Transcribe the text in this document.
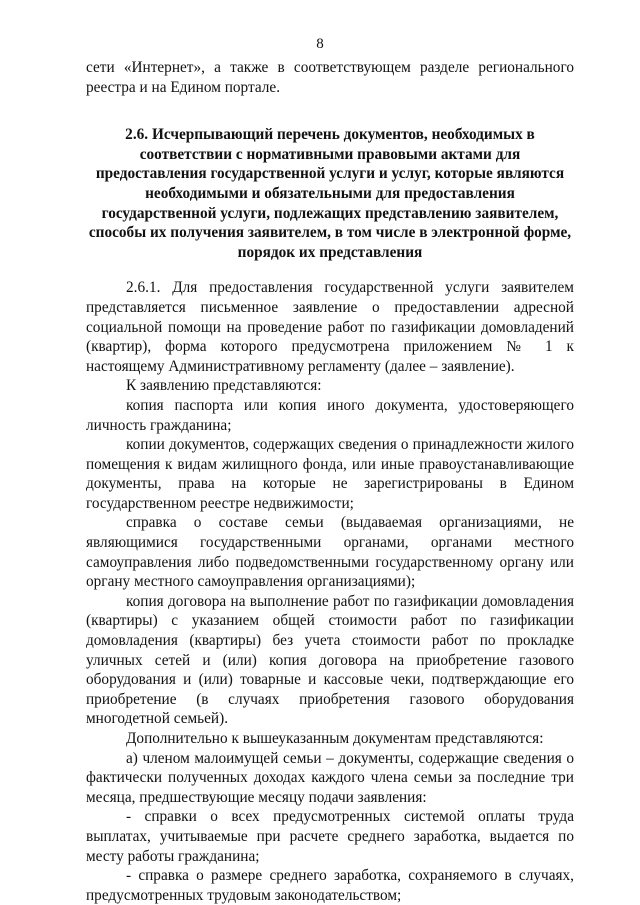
8

сети «Интернет», а также в соответствующем разделе регионального реестра и на Едином портале.

2.6. Исчерпывающий перечень документов, необходимых в соответствии с нормативными правовыми актами для предоставления государственной услуги и услуг, которые являются необходимыми и обязательными для предоставления государственной услуги, подлежащих представлению заявителем, способы их получения заявителем, в том числе в электронной форме, порядок их представления

2.6.1. Для предоставления государственной услуги заявителем представляется письменное заявление о предоставлении адресной социальной помощи на проведение работ по газификации домовладений (квартир), форма которого предусмотрена приложением № 1 к настоящему Административному регламенту (далее – заявление).

К заявлению представляются:

копия паспорта или копия иного документа, удостоверяющего личность гражданина;

копии документов, содержащих сведения о принадлежности жилого помещения к видам жилищного фонда, или иные правоустанавливающие документы, права на которые не зарегистрированы в Едином государственном реестре недвижимости;

справка о составе семьи (выдаваемая организациями, не являющимися государственными органами, органами местного самоуправления либо подведомственными государственному органу или органу местного самоуправления организациями);

копия договора на выполнение работ по газификации домовладения (квартиры) с указанием общей стоимости работ по газификации домовладения (квартиры) без учета стоимости работ по прокладке уличных сетей и (или) копия договора на приобретение газового оборудования и (или) товарные и кассовые чеки, подтверждающие его приобретение (в случаях приобретения газового оборудования многодетной семьей).

Дополнительно к вышеуказанным документам представляются:

а) членом малоимущей семьи – документы, содержащие сведения о фактически полученных доходах каждого члена семьи за последние три месяца, предшествующие месяцу подачи заявления:

- справки о всех предусмотренных системой оплаты труда выплатах, учитываемые при расчете среднего заработка, выдается по месту работы гражданина;

- справка о размере среднего заработка, сохраняемого в случаях, предусмотренных трудовым законодательством;
